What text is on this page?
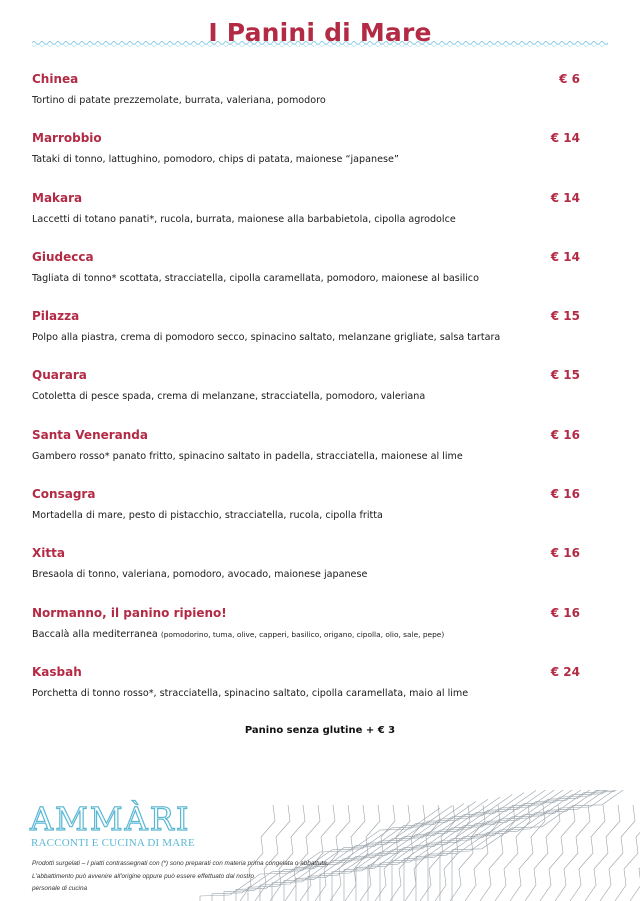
I Panini di Mare
Chinea	€ 6
Tortino di patate prezzemolate, burrata, valeriana, pomodoro
Marrobbio	€ 14
Tataki di tonno, lattughino, pomodoro, chips di patata, maionese “japanese”
Makara	€ 14
Laccetti di totano panati*, rucola, burrata, maionese alla barbabietola, cipolla agrodolce
Giudecca	€ 14
Tagliata di tonno* scottata, stracciatella, cipolla caramellata, pomodoro, maionese al basilico
Pilazza	€ 15
Polpo alla piastra, crema di pomodoro secco, spinacino saltato, melanzane grigliate, salsa tartara
Quarara	€ 15
Cotoletta di pesce spada, crema di melanzane, stracciatella, pomodoro, valeriana
Santa Veneranda	€ 16
Gambero rosso* panato fritto, spinacino saltato in padella, stracciatella, maionese al lime
Consagra	€ 16
Mortadella di mare, pesto di pistacchio, stracciatella, rucola, cipolla fritta
Xitta	€ 16
Bresaola di tonno, valeriana, pomodoro, avocado, maionese japanese
Normanno, il panino ripieno!	€ 16
Baccalà alla mediterranea (pomodorino, tuma, olive, capperi, basilico, origano, cipolla, olio, sale, pepe)
Kasbah	€ 24
Porchetta di tonno rosso*, stracciatella, spinacino saltato, cipolla caramellata, maio al lime
Panino senza glutine + € 3
AMMÀRI
RACCONTI E CUCINA DI MARE
Prodotti surgelati – I piatti contrassegnati con (*) sono preparati con materia prima congelata o abbattuta.
L'abbattimento può avvenire all'origine oppure può essere effettuato dal nostro
personale di cucina
